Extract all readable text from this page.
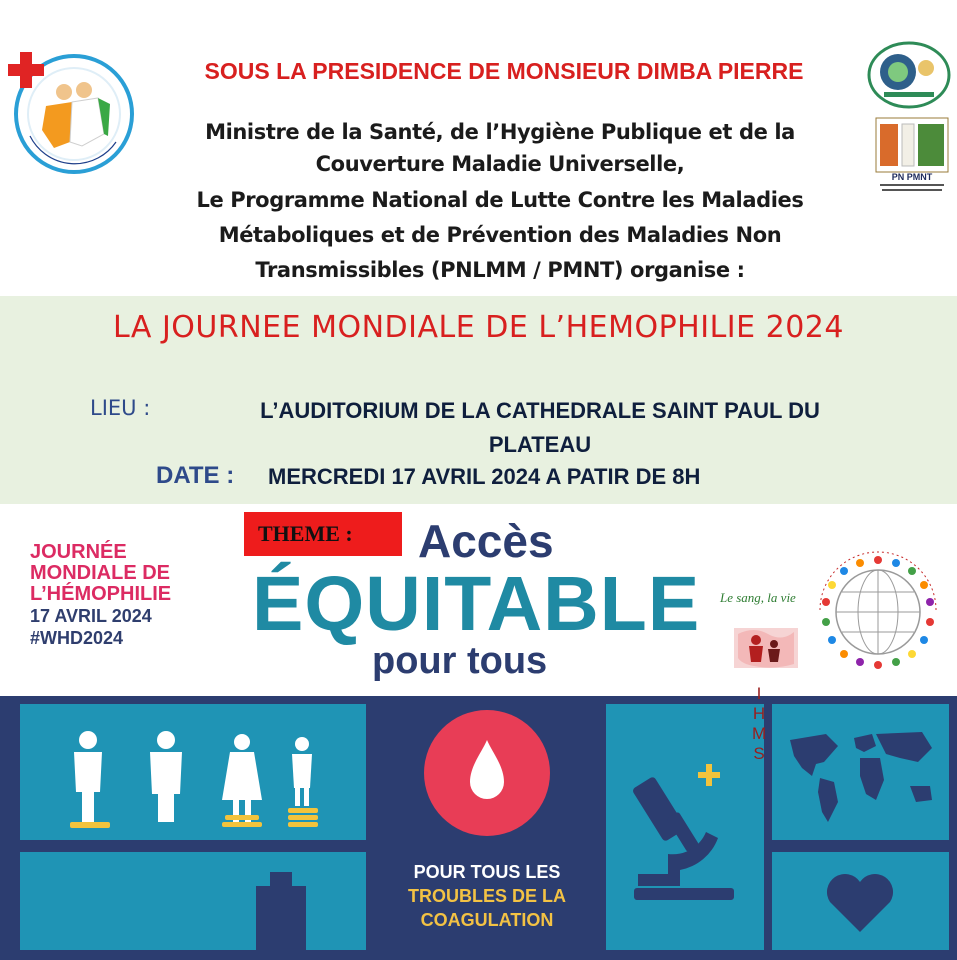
SOUS LA PRESIDENCE DE MONSIEUR DIMBA PIERRE
Ministre de la Santé, de l’Hygiène Publique et de la
Couverture Maladie Universelle,
Le Programme National de Lutte Contre les Maladies
Métaboliques et de Prévention des Maladies Non
Transmissibles (PNLMM / PMNT) organise :
PN PMNT
LA JOURNEE MONDIALE DE L’HEMOPHILIE 2024
LIEU :	L’AUDITORIUM DE LA CATHEDRALE SAINT PAUL DU
PLATEAU
DATE : MERCREDI 17 AVRIL 2024 A PATIR DE 8H
JOURNÉE
MONDIALE DE
L’HÉMOPHILIE
17 AVRIL 2024
#WHD2024
THEME : Accès
ÉQUITABLE
pour tous
Le sang, la vie
I
H
M
S
POUR TOUS LES
TROUBLES DE LA
COAGULATION
